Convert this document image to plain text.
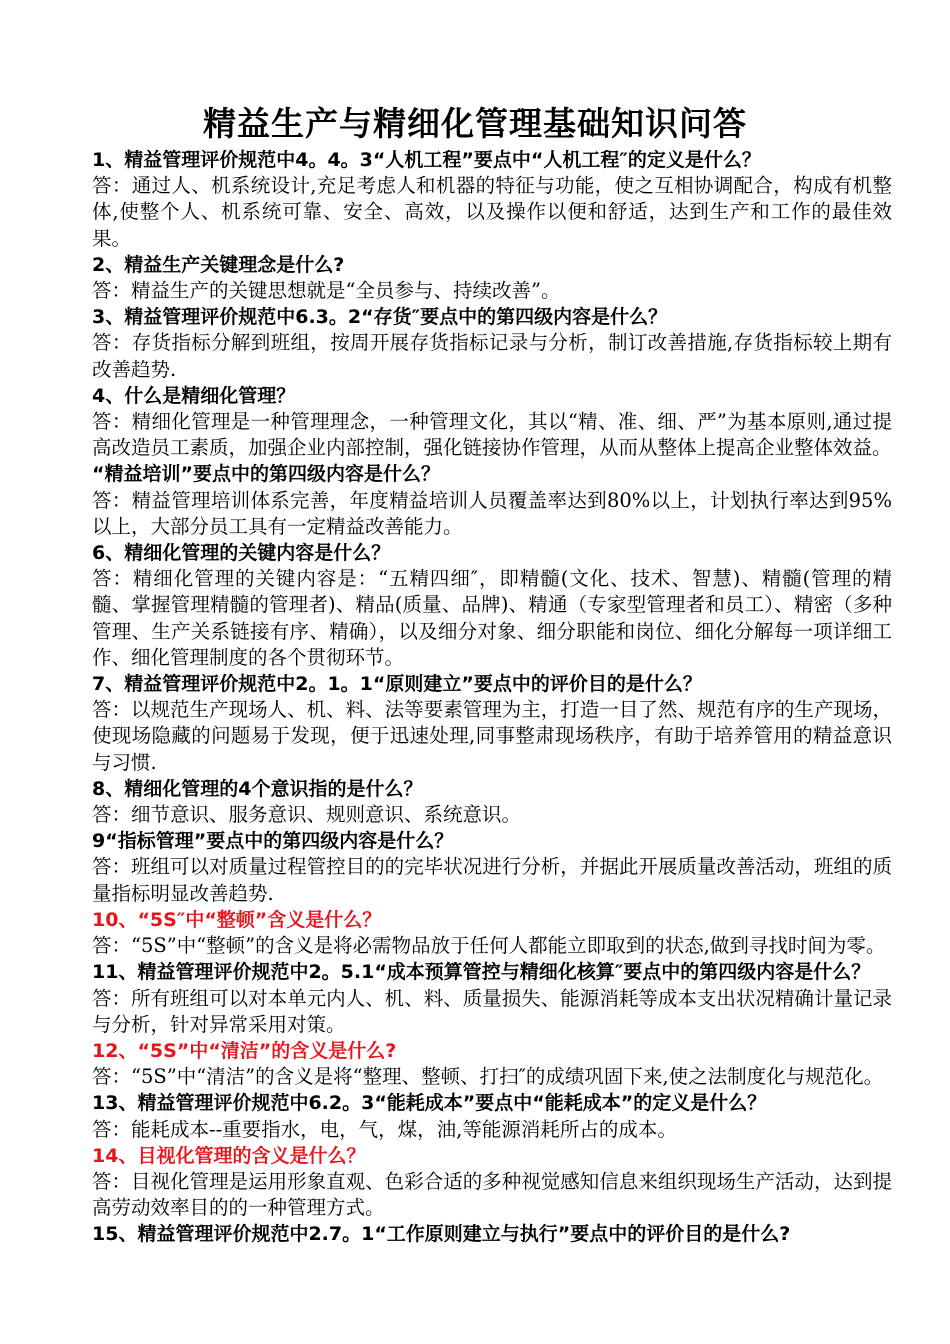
精益生产与精细化管理基础知识问答

1、精益管理评价规范中4。4。3“人机工程”要点中“人机工程″的定义是什么？

答：通过人、机系统设计,充足考虑人和机器的特征与功能，使之互相协调配合，构成有机整体,使整个人、机系统可靠、安全、高效，以及操作以便和舒适，达到生产和工作的最佳效果。

2、精益生产关键理念是什么?

答：精益生产的关键思想就是“全员参与、持续改善”。

3、精益管理评价规范中6.3。2“存货″要点中的第四级内容是什么？

答：存货指标分解到班组，按周开展存货指标记录与分析，制订改善措施,存货指标较上期有改善趋势.

4、什么是精细化管理？

答：精细化管理是一种管理理念，一种管理文化，其以“精、准、细、严”为基本原则,通过提高改造员工素质，加强企业内部控制，强化链接协作管理，从而从整体上提高企业整体效益。

“精益培训”要点中的第四级内容是什么？

答：精益管理培训体系完善，年度精益培训人员覆盖率达到80%以上，计划执行率达到95%以上，大部分员工具有一定精益改善能力。

6、精细化管理的关键内容是什么？

答：精细化管理的关键内容是：“五精四细″，即精髓(文化、技术、智慧)、精髓(管理的精髓、掌握管理精髓的管理者)、精品(质量、品牌)、精通（专家型管理者和员工）、精密（多种管理、生产关系链接有序、精确），以及细分对象、细分职能和岗位、细化分解每一项详细工作、细化管理制度的各个贯彻环节。

7、精益管理评价规范中2。1。1“原则建立”要点中的评价目的是什么？

答：以规范生产现场人、机、料、法等要素管理为主，打造一目了然、规范有序的生产现场，使现场隐藏的问题易于发现，便于迅速处理,同事整肃现场秩序，有助于培养管用的精益意识与习惯.

8、精细化管理的4个意识指的是什么？

答：细节意识、服务意识、规则意识、系统意识。

9“指标管理”要点中的第四级内容是什么？

答：班组可以对质量过程管控目的的完毕状况进行分析，并据此开展质量改善活动，班组的质量指标明显改善趋势.

10、“5S″中“整顿”含义是什么？

答：“5S”中“整顿”的含义是将必需物品放于任何人都能立即取到的状态,做到寻找时间为零。

11、精益管理评价规范中2。5.1“成本预算管控与精细化核算″要点中的第四级内容是什么？

答：所有班组可以对本单元内人、机、料、质量损失、能源消耗等成本支出状况精确计量记录与分析，针对异常采用对策。

12、“5S”中“清洁”的含义是什么?

答：“5S”中“清洁”的含义是将“整理、整顿、打扫″的成绩巩固下来,使之法制度化与规范化。

13、精益管理评价规范中6.2。3“能耗成本”要点中“能耗成本”的定义是什么？

答：能耗成本--重要指水，电，气，煤，油,等能源消耗所占的成本。

14、目视化管理的含义是什么？

答：目视化管理是运用形象直观、色彩合适的多种视觉感知信息来组织现场生产活动，达到提高劳动效率目的的一种管理方式。

15、精益管理评价规范中2.7。1“工作原则建立与执行”要点中的评价目的是什么?
